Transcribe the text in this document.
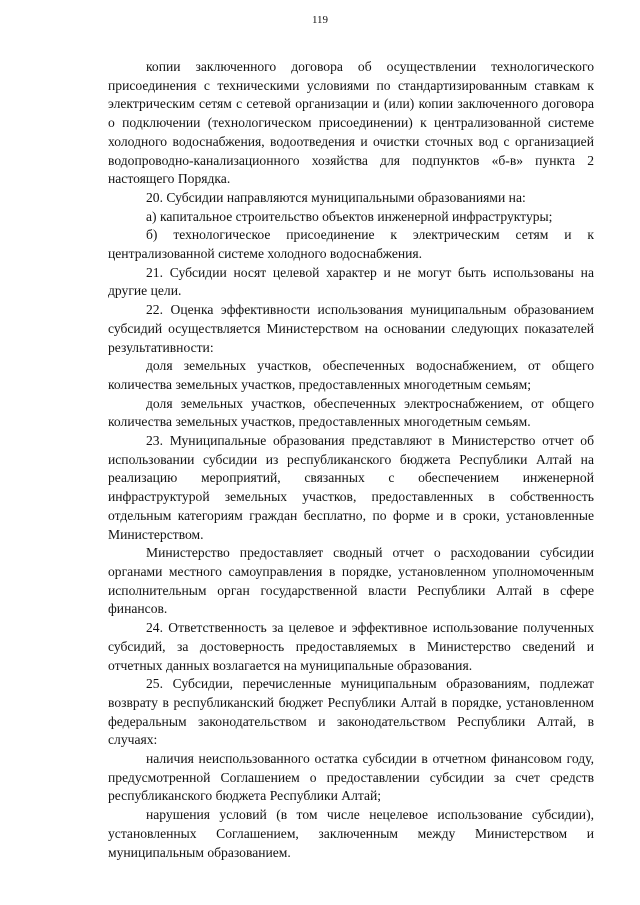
119

копии заключенного договора об осуществлении технологического присоединения с техническими условиями по стандартизированным ставкам к электрическим сетям с сетевой организации и (или) копии заключенного договора о подключении (технологическом присоединении) к централизованной системе холодного водоснабжения, водоотведения и очистки сточных вод с организацией водопроводно-канализационного хозяйства для подпунктов «б-в» пункта 2 настоящего Порядка.

20. Субсидии направляются муниципальными образованиями на:

а) капитальное строительство объектов инженерной инфраструктуры;

б) технологическое присоединение к электрическим сетям и к централизованной системе холодного водоснабжения.

21. Субсидии носят целевой характер и не могут быть использованы на другие цели.

22. Оценка эффективности использования муниципальным образованием субсидий осуществляется Министерством на основании следующих показателей результативности:

доля земельных участков, обеспеченных водоснабжением, от общего количества земельных участков, предоставленных многодетным семьям;

доля земельных участков, обеспеченных электроснабжением, от общего количества земельных участков, предоставленных многодетным семьям.

23. Муниципальные образования представляют в Министерство отчет об использовании субсидии из республиканского бюджета Республики Алтай на реализацию мероприятий, связанных с обеспечением инженерной инфраструктурой земельных участков, предоставленных в собственность отдельным категориям граждан бесплатно, по форме и в сроки, установленные Министерством.

Министерство предоставляет сводный отчет о расходовании субсидии органами местного самоуправления в порядке, установленном уполномоченным исполнительным орган государственной власти Республики Алтай в сфере финансов.

24. Ответственность за целевое и эффективное использование полученных субсидий, за достоверность предоставляемых в Министерство сведений и отчетных данных возлагается на муниципальные образования.

25. Субсидии, перечисленные муниципальным образованиям, подлежат возврату в республиканский бюджет Республики Алтай в порядке, установленном федеральным законодательством и законодательством Республики Алтай, в случаях:

наличия неиспользованного остатка субсидии в отчетном финансовом году, предусмотренной Соглашением о предоставлении субсидии за счет средств республиканского бюджета Республики Алтай;

нарушения условий (в том числе нецелевое использование субсидии), установленных Соглашением, заключенным между Министерством и муниципальным образованием.
